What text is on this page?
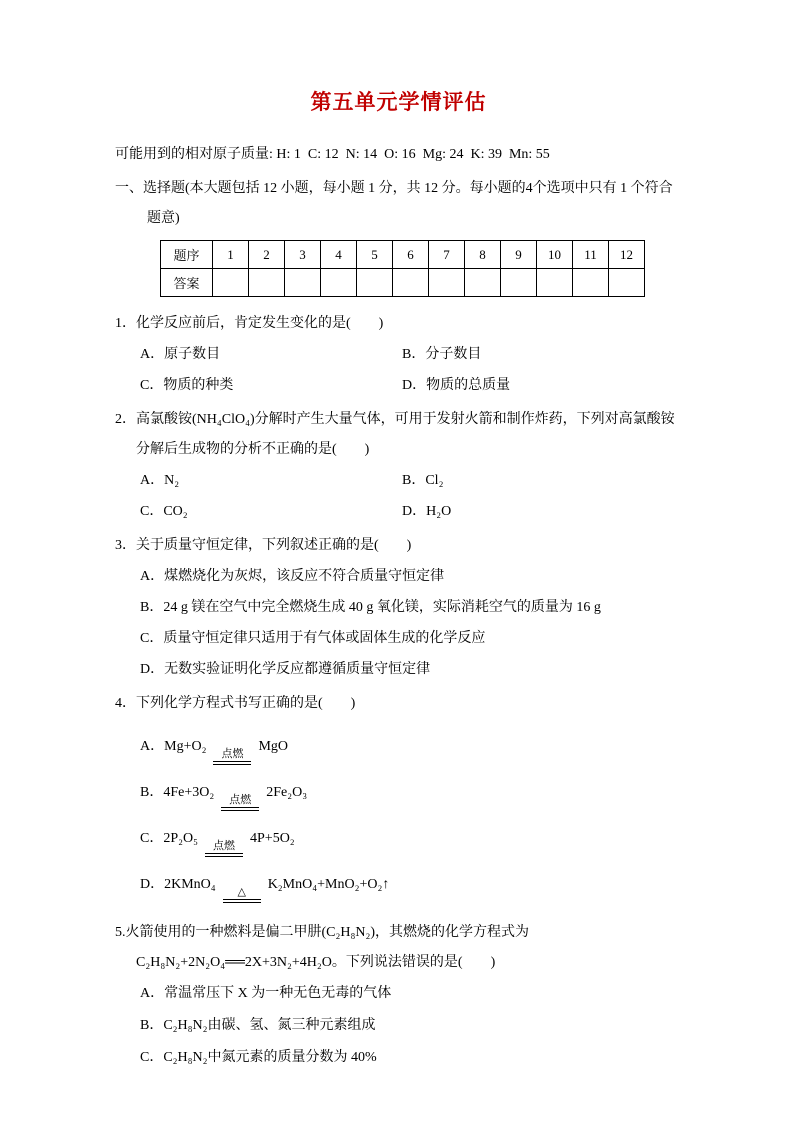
第五单元学情评估

可能用到的相对原子质量: H: 1  C: 12  N: 14  O: 16  Mg: 24  K: 39  Mn: 55

一、选择题(本大题包括 12 小题，每小题 1 分，共 12 分。每小题的4个选项中只有 1 个符合题意)

题序	1	2	3	4	5	6	7	8	9	10	11	12
答案												

1．化学反应前后，肯定发生变化的是(　　)

A．原子数目	B．分子数目
C．物质的种类	D．物质的总质量

2．高氯酸铵(NH₄ClO₄)分解时产生大量气体，可用于发射火箭和制作炸药，下列对高氯酸铵分解后生成物的分析不正确的是(　　)

A．N₂	B．Cl₂
C．CO₂	D．H₂O

3．关于质量守恒定律，下列叙述正确的是(　　)

A．煤燃烧化为灰烬，该反应不符合质量守恒定律
B．24 g 镁在空气中完全燃烧生成 40 g 氧化镁，实际消耗空气的质量为 16 g
C．质量守恒定律只适用于有气体或固体生成的化学反应
D．无数实验证明化学反应都遵循质量守恒定律

4．下列化学方程式书写正确的是(　　)

A．Mg+O₂	点燃	MgO

B．4Fe+3O₂	点燃	2Fe₂O₃

C．2P₂O₅	点燃	4P+5O₂

D．2KMnO₄	△	K₂MnO₄+MnO₂+O₂↑

5.火箭使用的一种燃料是偏二甲肼(C₂H₈N₂)，其燃烧的化学方程式为 C₂H₈N₂+2N₂O₄══2X+3N₂+4H₂O。下列说法错误的是(　　)

A．常温常压下 X 为一种无色无毒的气体
B．C₂H₈N₂由碳、氢、氮三种元素组成
C．C₂H₈N₂中氮元素的质量分数为 40%
